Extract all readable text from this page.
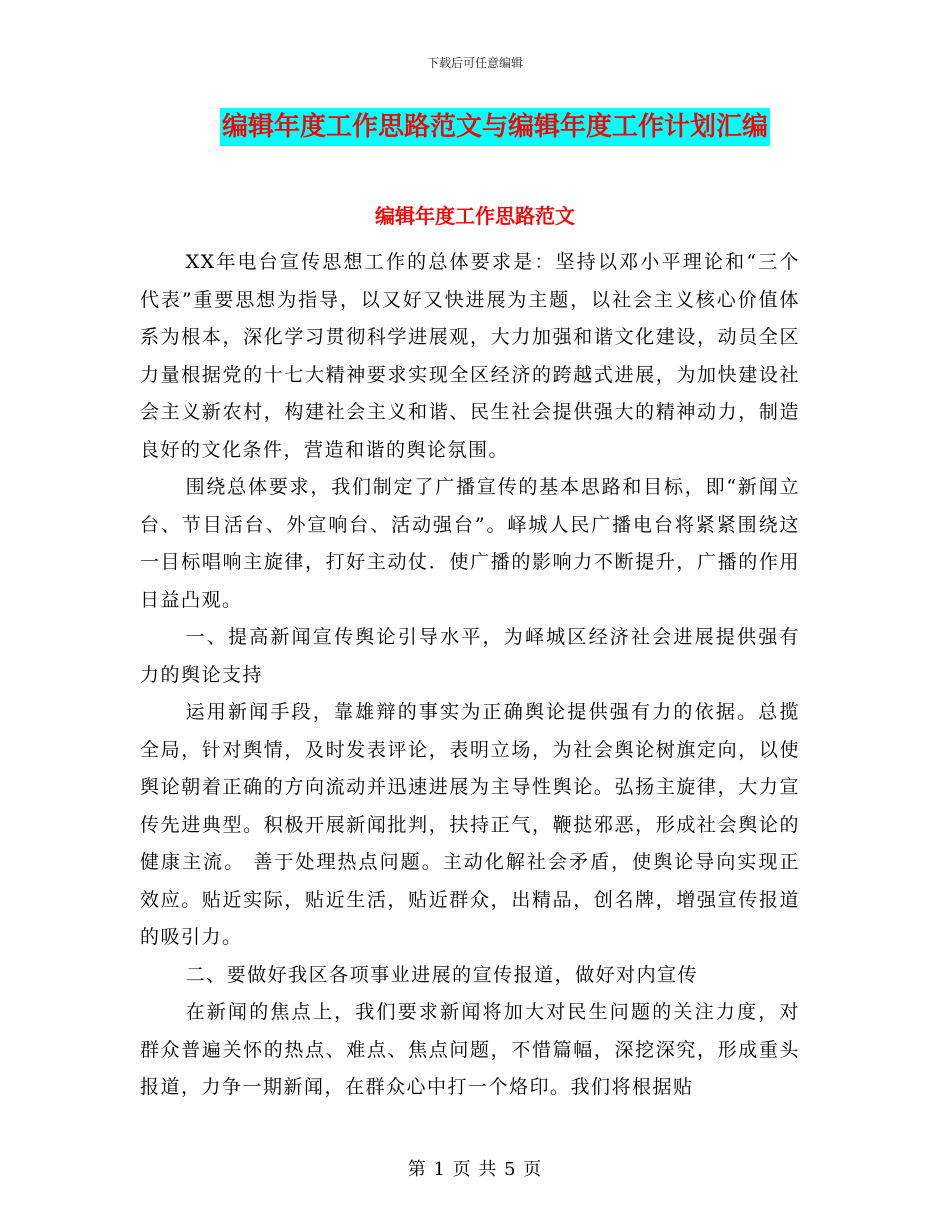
下载后可任意编辑
编辑年度工作思路范文与编辑年度工作计划汇编
编辑年度工作思路范文

XX年电台宣传思想工作的总体要求是：坚持以邓小平理论和“三个代表”重要思想为指导，以又好又快进展为主题，以社会主义核心价值体系为根本，深化学习贯彻科学进展观，大力加强和谐文化建设，动员全区力量根据党的十七大精神要求实现全区经济的跨越式进展，为加快建设社会主义新农村，构建社会主义和谐、民生社会提供强大的精神动力，制造良好的文化条件，营造和谐的舆论氛围。

围绕总体要求，我们制定了广播宣传的基本思路和目标，即“新闻立台、节目活台、外宣响台、活动强台”。峄城人民广播电台将紧紧围绕这一目标唱响主旋律，打好主动仗．使广播的影响力不断提升，广播的作用日益凸观。

一、提高新闻宣传舆论引导水平，为峄城区经济社会进展提供强有力的舆论支持

运用新闻手段，靠雄辩的事实为正确舆论提供强有力的依据。总揽全局，针对舆情，及时发表评论，表明立场，为社会舆论树旗定向，以使舆论朝着正确的方向流动并迅速进展为主导性舆论。弘扬主旋律，大力宣传先进典型。积极开展新闻批判，扶持正气，鞭挞邪恶，形成社会舆论的健康主流。 善于处理热点问题。主动化解社会矛盾，使舆论导向实现正效应。贴近实际，贴近生活，贴近群众，出精品，创名牌，增强宣传报道的吸引力。

二、要做好我区各项事业进展的宣传报道，做好对内宣传

在新闻的焦点上，我们要求新闻将加大对民生问题的关注力度，对群众普遍关怀的热点、难点、焦点问题，不惜篇幅，深挖深究，形成重头报道，力争一期新闻，在群众心中打一个烙印。我们将根据贴

第 1 页 共 5 页
